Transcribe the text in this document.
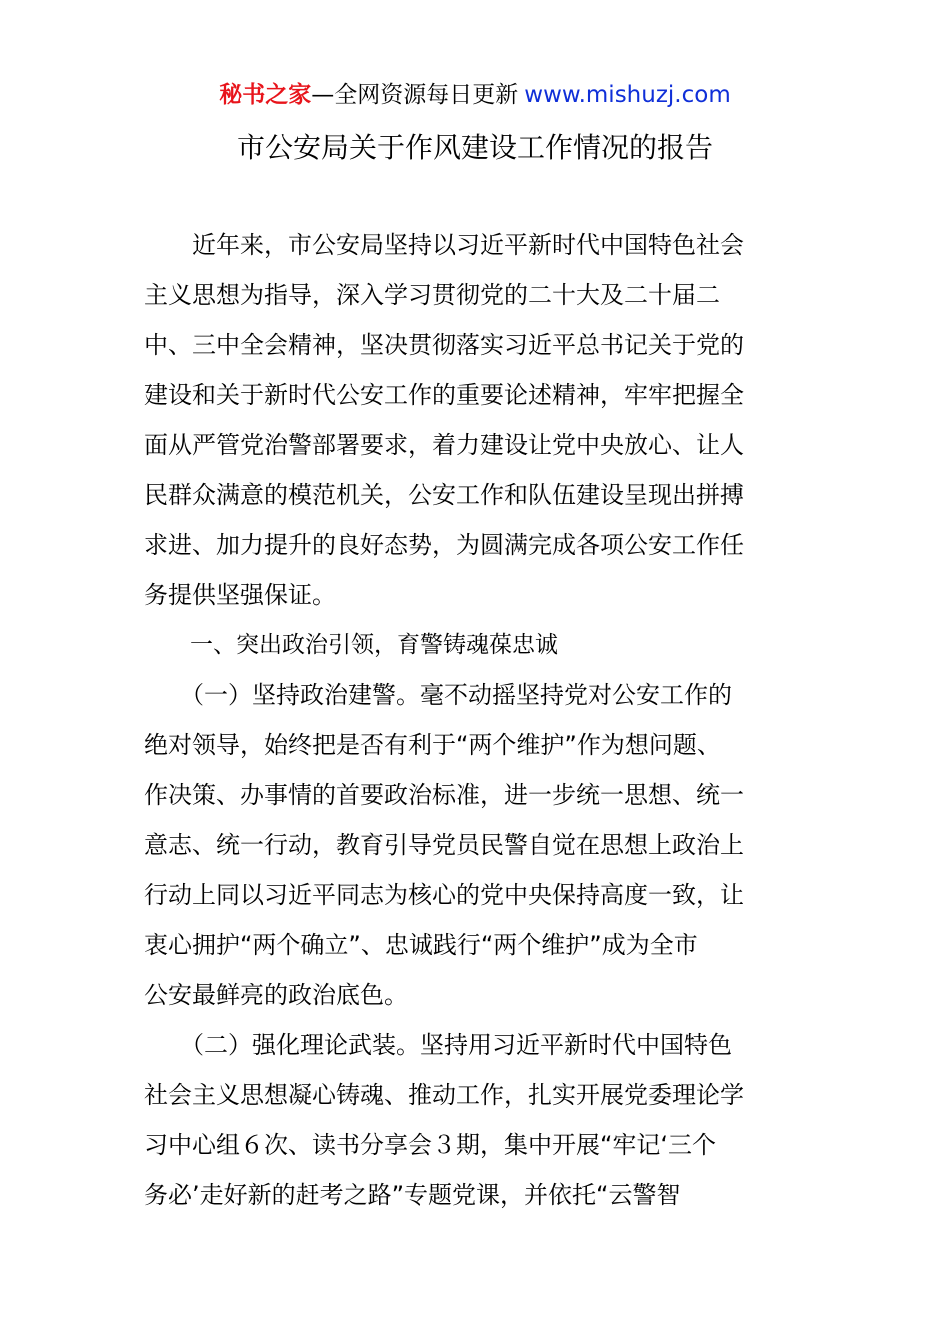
秘书之家—全网资源每日更新 www.mishuzj.com
市公安局关于作风建设工作情况的报告
　　近年来，市公安局坚持以习近平新时代中国特色社会
主义思想为指导，深入学习贯彻党的二十大及二十届二
中、三中全会精神，坚决贯彻落实习近平总书记关于党的
建设和关于新时代公安工作的重要论述精神，牢牢把握全
面从严管党治警部署要求，着力建设让党中央放心、让人
民群众满意的模范机关，公安工作和队伍建设呈现出拼搏
求进、加力提升的良好态势，为圆满完成各项公安工作任
务提供坚强保证。
　　一、突出政治引领，育警铸魂葆忠诚
　　（一）坚持政治建警。毫不动摇坚持党对公安工作的
绝对领导，始终把是否有利于“两个维护”作为想问题、
作决策、办事情的首要政治标准，进一步统一思想、统一
意志、统一行动，教育引导党员民警自觉在思想上政治上
行动上同以习近平同志为核心的党中央保持高度一致，让
衷心拥护“两个确立”、忠诚践行“两个维护”成为全市
公安最鲜亮的政治底色。
　　（二）强化理论武装。坚持用习近平新时代中国特色
社会主义思想凝心铸魂、推动工作，扎实开展党委理论学
习中心组６次、读书分享会３期，集中开展“牢记‘三个
务必’走好新的赶考之路”专题党课，并依托“云警智
